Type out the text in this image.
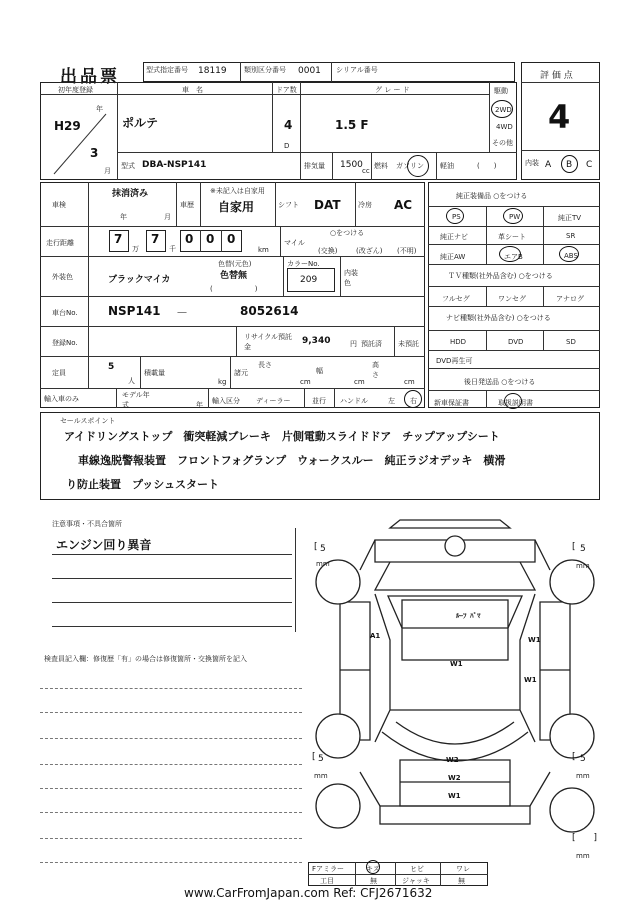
出品票	型式指定番号 18119 類別区分番号 0001 シリアル番号
評 価 点
4
初年度登録
H29
年
3
月
車　名
ポルテ
ドア数
4
D
グ レ ー ド
1.5 F
駆動
2WD
4WD
その他
型式 DBA-NSP141	排気量 1500
cc
燃料 ガソリン 軽油	(　　)	内装 A B C
車検
抹消済み
年	月
車歴
※未記入は自家用
自家用	シフト DAT 冷房 AC
走行距離	7
万
7
千
0 0 0
km
マイル
○をつける
(交換)	(改ざん) (不明)
外装色	ブラックマイカ
色替(元色)
色替無
(　　　　　　)
カラーNo.
209
内装色
車台No.	NSP141 －	8052614
登録No.
リサイクル預託金
9,340	円 預託済 未預託
定員
5
人
積載量
kg
諸元
長さ
cm
幅
cm
高さ
cm
輸入車のみ	モデル年式	年 輸入区分 ディーラー	並行 ハンドル	左 右
純正装備品 ○をつける
PS	PW	純正TV
純正ナビ	革シート	SR
純正AW	エアB	ABS
ＴＶ種類(社外品含む) ○をつける
フルセグ	ワンセグ	アナログ
ナビ種類(社外品含む) ○をつける
HDD	DVD	SD
DVD再生可
後日発送品 ○をつける
新車保証書	取扱説明書
セールスポイント
アイドリングストップ　衝突軽減ブレーキ　片側電動スライドドア　チップアップシート
車線逸脱警報装置　フロントフォグランプ　ウォークスルー　純正ラジオデッキ　横滑
り防止装置　プッシュスタート
注意事項・不具合箇所
エンジン回り異音
検査員記入欄：修復歴「有」の場合は修復箇所・交換箇所を記入
[ 5
mm
[ 5
mm
[ 5
mm
[ 5
mm
[　　]
mm
ﾙｰﾌ ﾊﾟﾏ
A1
W1
W1
W1
W2
W2
W1
Fアミラー	キズ	ヒビ	ワレ
工目	無	ジャッキ	無
www.CarFromJapan.com Ref: CFJ2671632
